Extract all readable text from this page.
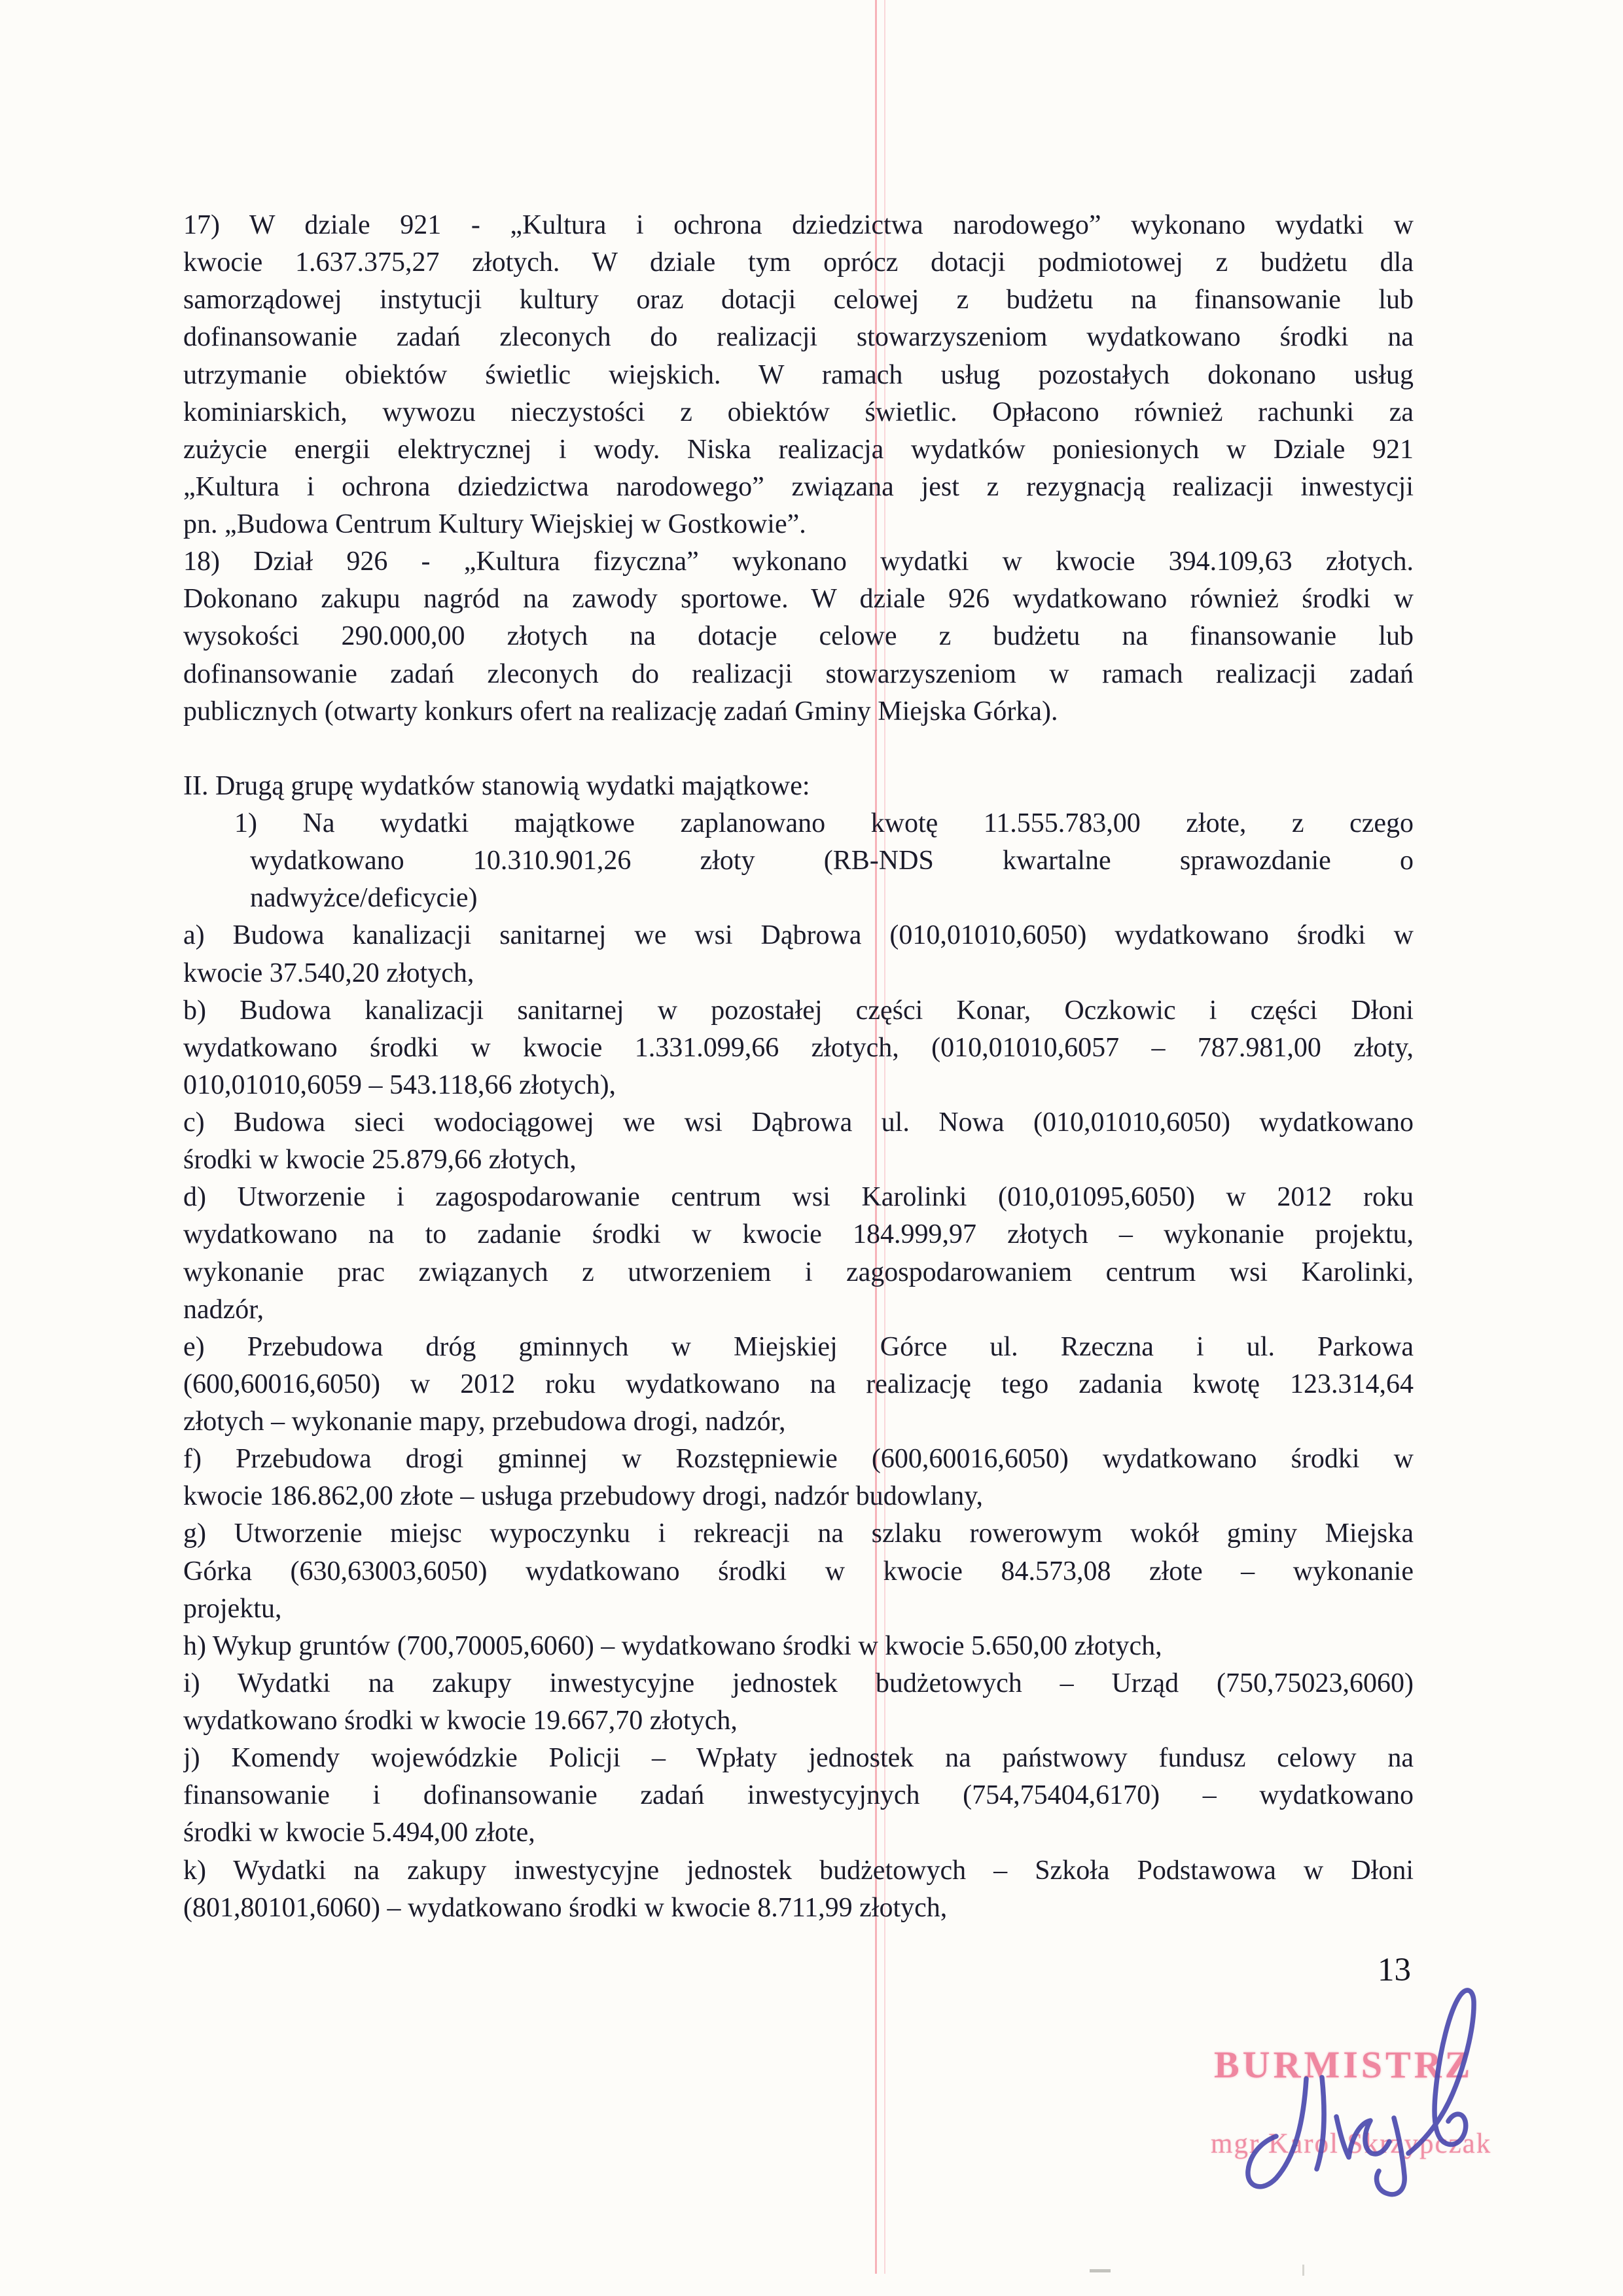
17) W dziale 921 - „Kultura i ochrona dziedzictwa narodowego” wykonano wydatki w
kwocie 1.637.375,27 złotych. W dziale tym oprócz dotacji podmiotowej z budżetu dla
samorządowej instytucji kultury oraz dotacji celowej z budżetu na finansowanie lub
dofinansowanie zadań zleconych do realizacji stowarzyszeniom wydatkowano środki na
utrzymanie obiektów świetlic wiejskich. W ramach usług pozostałych dokonano usług
kominiarskich, wywozu nieczystości z obiektów świetlic. Opłacono również rachunki za
zużycie energii elektrycznej i wody. Niska realizacja wydatków poniesionych w Dziale 921
„Kultura i ochrona dziedzictwa narodowego” związana jest z rezygnacją realizacji inwestycji
pn. „Budowa Centrum Kultury Wiejskiej w Gostkowie”.
18) Dział 926 - „Kultura fizyczna” wykonano wydatki w kwocie 394.109,63 złotych.
Dokonano zakupu nagród na zawody sportowe. W dziale 926 wydatkowano również środki w
wysokości 290.000,00 złotych na dotacje celowe z budżetu na finansowanie lub
dofinansowanie zadań zleconych do realizacji stowarzyszeniom w ramach realizacji zadań
publicznych (otwarty konkurs ofert na realizację zadań Gminy Miejska Górka).
II. Drugą grupę wydatków stanowią wydatki majątkowe:
1) Na wydatki majątkowe zaplanowano kwotę 11.555.783,00 złote, z czego
wydatkowano 10.310.901,26 złoty (RB-NDS kwartalne sprawozdanie o
nadwyżce/deficycie)
a) Budowa kanalizacji sanitarnej we wsi Dąbrowa (010,01010,6050) wydatkowano środki w
kwocie 37.540,20 złotych,
b) Budowa kanalizacji sanitarnej w pozostałej części Konar, Oczkowic i części Dłoni
wydatkowano środki w kwocie 1.331.099,66 złotych, (010,01010,6057 – 787.981,00 złoty,
010,01010,6059 – 543.118,66 złotych),
c) Budowa sieci wodociągowej we wsi Dąbrowa ul. Nowa (010,01010,6050) wydatkowano
środki w kwocie 25.879,66 złotych,
d) Utworzenie i zagospodarowanie centrum wsi Karolinki (010,01095,6050) w 2012 roku
wydatkowano na to zadanie środki w kwocie 184.999,97 złotych – wykonanie projektu,
wykonanie prac związanych z utworzeniem i zagospodarowaniem centrum wsi Karolinki,
nadzór,
e) Przebudowa dróg gminnych w Miejskiej Górce ul. Rzeczna i ul. Parkowa
(600,60016,6050) w 2012 roku wydatkowano na realizację tego zadania kwotę 123.314,64
złotych – wykonanie mapy, przebudowa drogi, nadzór,
f) Przebudowa drogi gminnej w Rozstępniewie (600,60016,6050) wydatkowano środki w
kwocie 186.862,00 złote – usługa przebudowy drogi, nadzór budowlany,
g) Utworzenie miejsc wypoczynku i rekreacji na szlaku rowerowym wokół gminy Miejska
Górka (630,63003,6050) wydatkowano środki w kwocie 84.573,08 złote – wykonanie
projektu,
h) Wykup gruntów (700,70005,6060) – wydatkowano środki w kwocie 5.650,00 złotych,
i) Wydatki na zakupy inwestycyjne jednostek budżetowych – Urząd (750,75023,6060)
wydatkowano środki w kwocie 19.667,70 złotych,
j) Komendy wojewódzkie Policji – Wpłaty jednostek na państwowy fundusz celowy na
finansowanie i dofinansowanie zadań inwestycyjnych (754,75404,6170) – wydatkowano
środki w kwocie 5.494,00 złote,
k) Wydatki na zakupy inwestycyjne jednostek budżetowych – Szkoła Podstawowa w Dłoni
(801,80101,6060) – wydatkowano środki w kwocie 8.711,99 złotych,
13
BURMISTRZ
mgr Karol Skrzypczak
